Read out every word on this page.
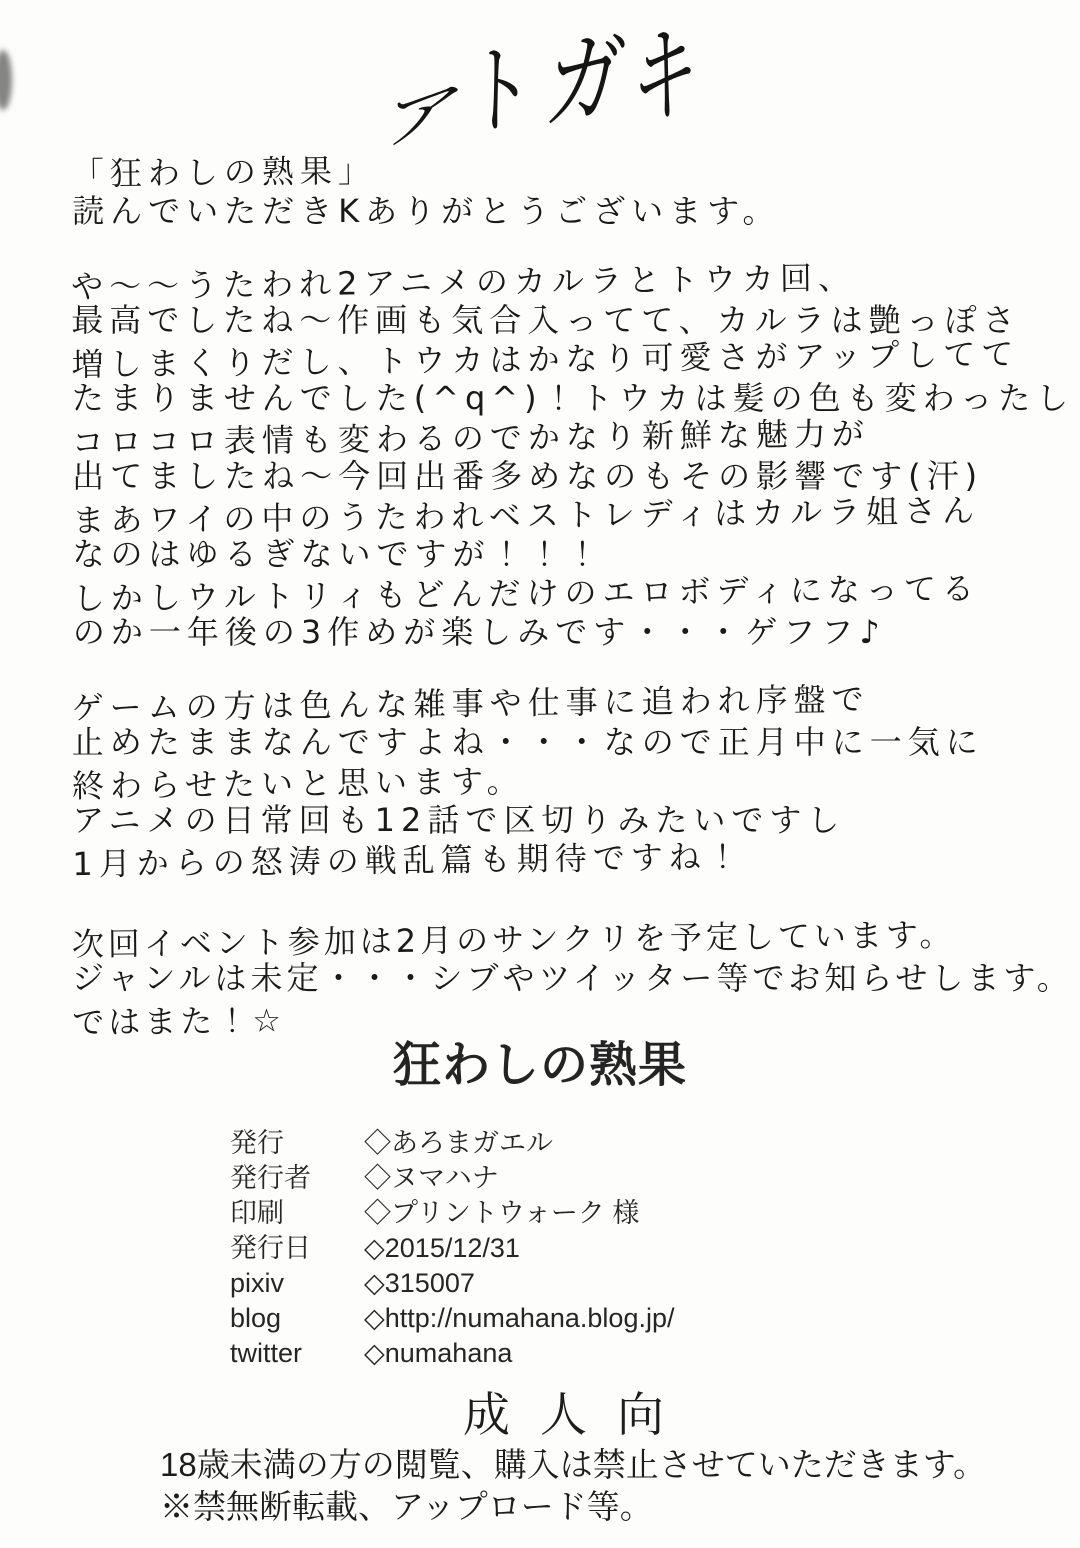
ア
ト ガ
キ
「狂わしの熟果」
読んでいただきKありがとうございます。
や〜〜うたわれ2アニメのカルラとトウカ回、
最高でしたね〜作画も気合入ってて、カルラは艶っぽさ
増しまくりだし、トウカはかなり可愛さがアップしてて
たまりませんでした(^q^)！トウカは髪の色も変わったし
コロコロ表情も変わるのでかなり新鮮な魅力が
出てましたね〜今回出番多めなのもその影響です(汗)
まあワイの中のうたわれベストレディはカルラ姐さん
なのはゆるぎないですが！！！
しかしウルトリィもどんだけのエロボディになってる
のか一年後の3作めが楽しみです・・・ゲフフ♪
ゲームの方は色んな雑事や仕事に追われ序盤で
止めたままなんですよね・・・なので正月中に一気に
終わらせたいと思います。
アニメの日常回も12話で区切りみたいですし
1月からの怒涛の戦乱篇も期待ですね！
次回イベント参加は2月のサンクリを予定しています。
ジャンルは未定・・・シブやツイッター等でお知らせします。
ではまた！☆
狂わしの熟果
発行	◇あろまガエル
発行者	◇ヌマハナ
印刷	◇プリントウォーク 様
発行日	◇2015/12/31
pixiv	◇315007
blog	◇http://numahana.blog.jp/
twitter	◇numahana
成人向
18歳未満の方の閲覧、購入は禁止させていただきます。
※禁無断転載、アップロード等。
